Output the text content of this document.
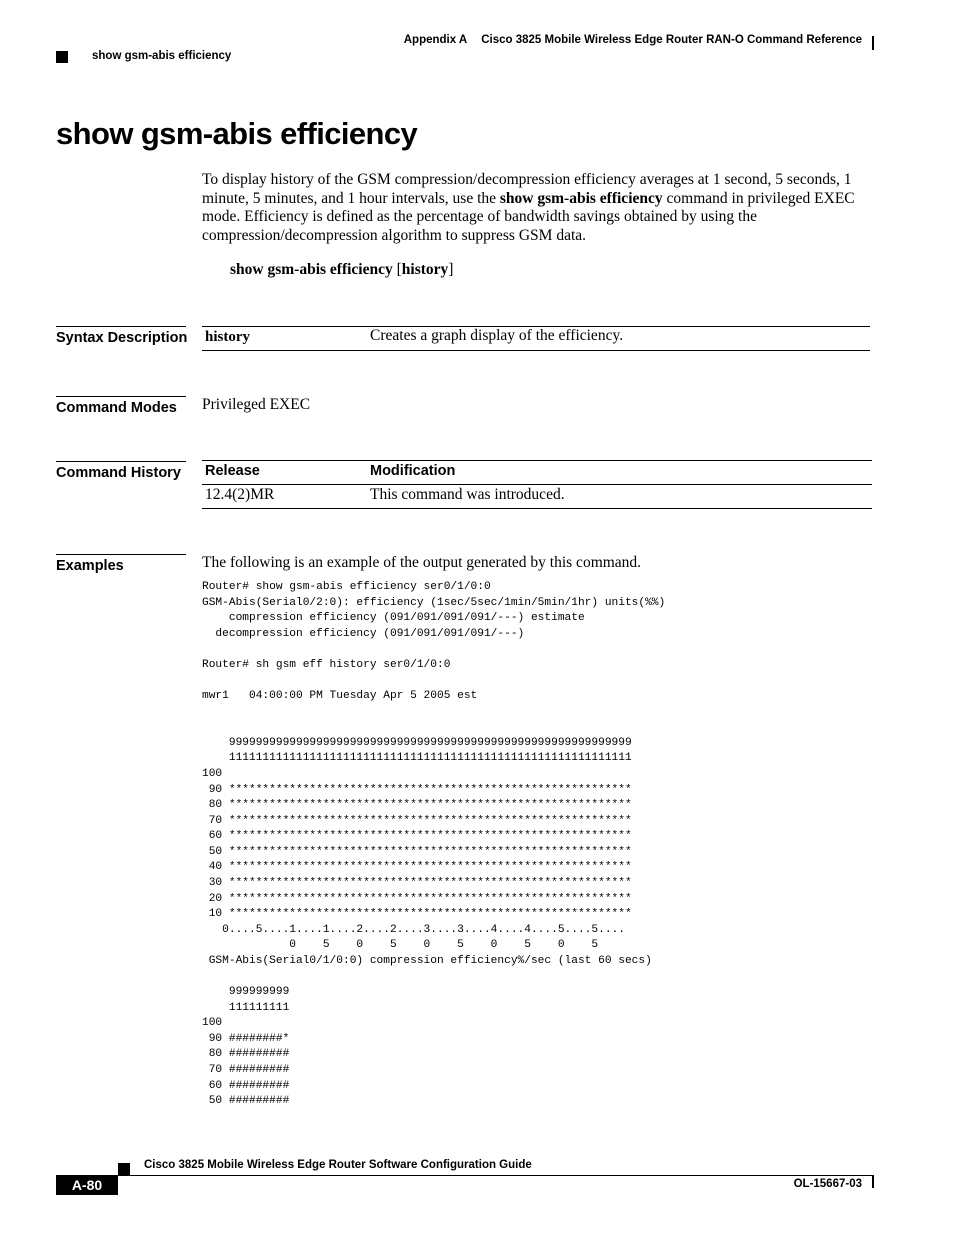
Appendix A Cisco 3825 Mobile Wireless Edge Router RAN-O Command Reference
show gsm-abis efficiency
show gsm-abis efficiency
To display history of the GSM compression/decompression efficiency averages at 1 second, 5 seconds, 1 minute, 5 minutes, and 1 hour intervals, use the show gsm-abis efficiency command in privileged EXEC mode. Efficiency is defined as the percentage of bandwidth savings obtained by using the compression/decompression algorithm to suppress GSM data.
show gsm-abis efficiency [history]
Syntax Description history	Creates a graph display of the efficiency.
Command Modes	Privileged EXEC
Command History	Release	Modification
12.4(2)MR	This command was introduced.
Examples	The following is an example of the output generated by this command.
Router# show gsm-abis efficiency ser0/1/0:0
GSM-Abis(Serial0/2:0): efficiency (1sec/5sec/1min/5min/1hr) units(%%)
compression efficiency (091/091/091/091/---) estimate
decompression efficiency (091/091/091/091/---)

Router# sh gsm eff history ser0/1/0:0

mwr1   04:00:00 PM Tuesday Apr 5 2005 est

999999999999999999999999999999999999999999999999999999999999
111111111111111111111111111111111111111111111111111111111111
100
90 ************************************************************
80 ************************************************************
70 ************************************************************
60 ************************************************************
50 ************************************************************
40 ************************************************************
30 ************************************************************
20 ************************************************************
10 ************************************************************
0....5....1....1....2....2....3....3....4....4....5....5....
0    5    0    5    0    5    0    5    0    5
GSM-Abis(Serial0/1/0:0) compression efficiency%/sec (last 60 secs)

999999999
111111111
100
90 ########*
80 #########
70 #########
60 #########
50 #########
Cisco 3825 Mobile Wireless Edge Router Software Configuration Guide
A-80	OL-15667-03
